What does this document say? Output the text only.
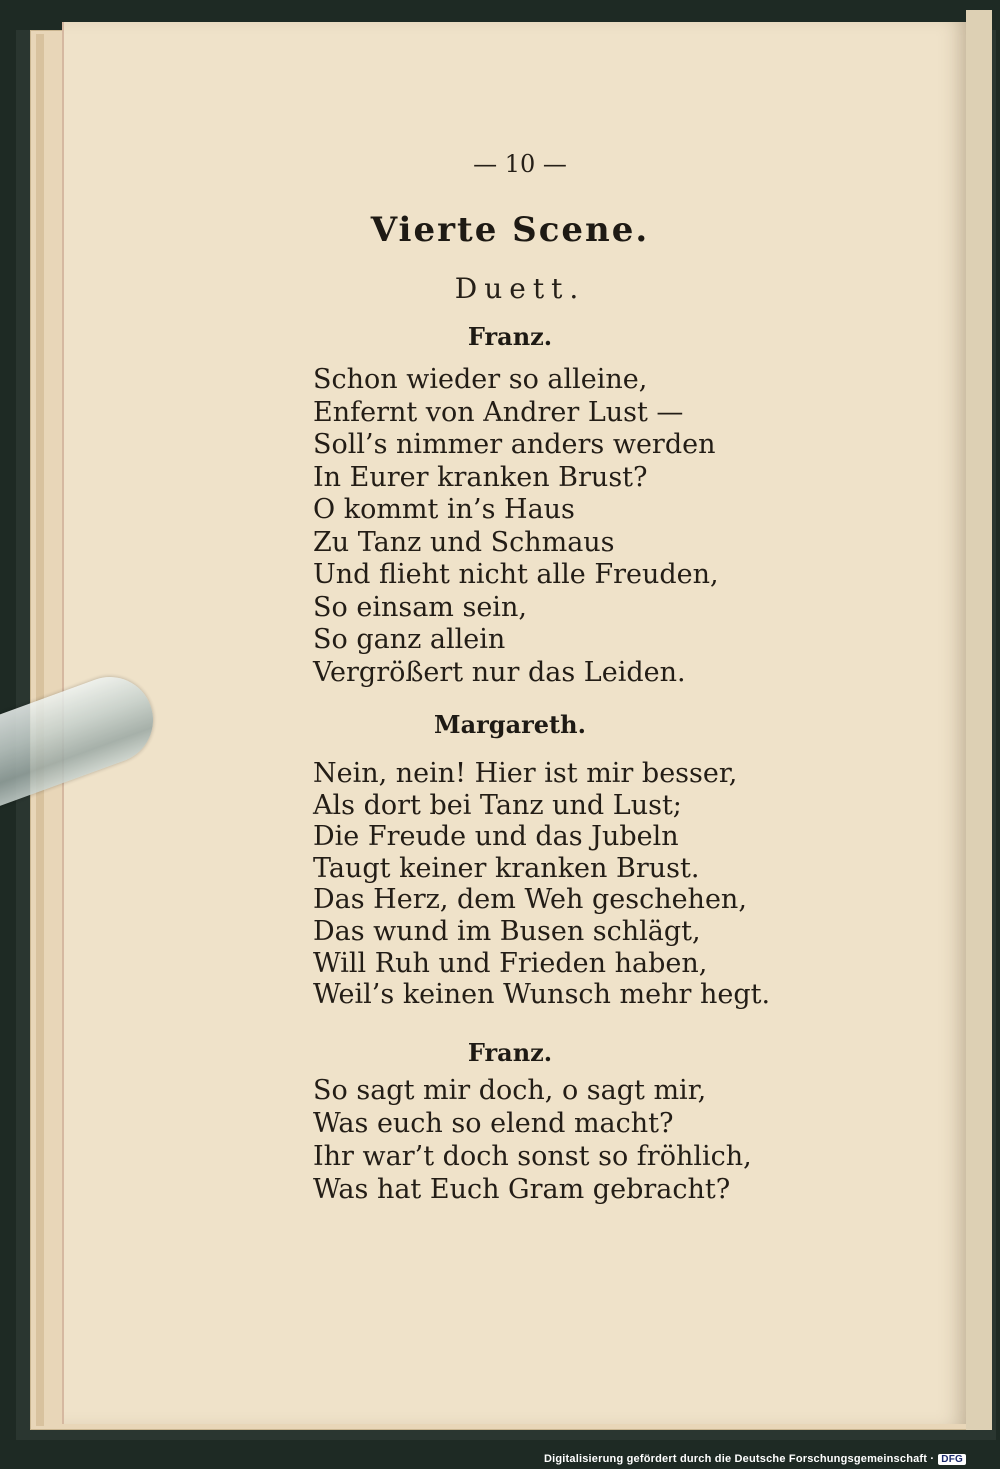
— 10 —
Vierte Scene.
Duett.
Franz.
Schon wieder so alleine,
Enfernt von Andrer Lust —
Soll’s nimmer anders werden
In Eurer kranken Brust?
O kommt in’s Haus
Zu Tanz und Schmaus
Und flieht nicht alle Freuden,
So einsam sein,
So ganz allein
Vergrößert nur das Leiden.
Margareth.
Nein, nein! Hier ist mir besser,
Als dort bei Tanz und Lust;
Die Freude und das Jubeln
Taugt keiner kranken Brust.
Das Herz, dem Weh geschehen,
Das wund im Busen schlägt,
Will Ruh und Frieden haben,
Weil’s keinen Wunsch mehr hegt.
Franz.
So sagt mir doch, o sagt mir,
Was euch so elend macht?
Ihr war’t doch sonst so fröhlich,
Was hat Euch Gram gebracht?
Digitalisierung gefördert durch die Deutsche Forschungsgemeinschaft · DFG
